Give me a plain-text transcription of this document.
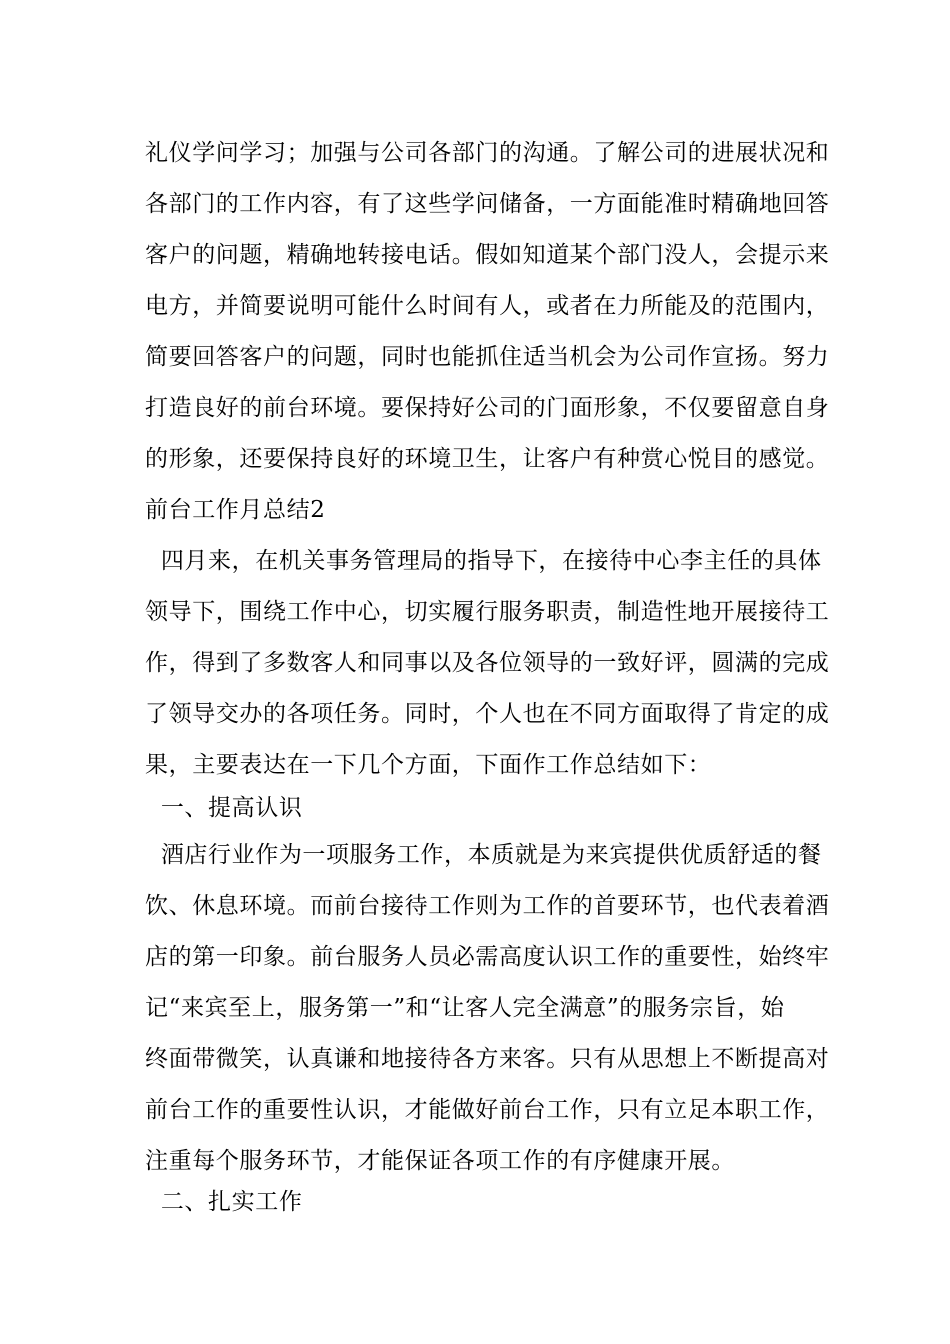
礼仪学问学习；加强与公司各部门的沟通。了解公司的进展状况和
各部门的工作内容，有了这些学问储备，一方面能准时精确地回答
客户的问题，精确地转接电话。假如知道某个部门没人，会提示来
电方，并简要说明可能什么时间有人，或者在力所能及的范围内，
简要回答客户的问题，同时也能抓住适当机会为公司作宣扬。努力
打造良好的前台环境。要保持好公司的门面形象，不仅要留意自身
的形象，还要保持良好的环境卫生，让客户有种赏心悦目的感觉。
前台工作月总结2
四月来，在机关事务管理局的指导下，在接待中心李主任的具体
领导下，围绕工作中心，切实履行服务职责，制造性地开展接待工
作，得到了多数客人和同事以及各位领导的一致好评，圆满的完成
了领导交办的各项任务。同时，个人也在不同方面取得了肯定的成
果，主要表达在一下几个方面，下面作工作总结如下：
一、提高认识
酒店行业作为一项服务工作，本质就是为来宾提供优质舒适的餐
饮、休息环境。而前台接待工作则为工作的首要环节，也代表着酒
店的第一印象。前台服务人员必需高度认识工作的重要性，始终牢
记“来宾至上，服务第一”和“让客人完全满意”的服务宗旨，始
终面带微笑，认真谦和地接待各方来客。只有从思想上不断提高对
前台工作的重要性认识，才能做好前台工作，只有立足本职工作，
注重每个服务环节，才能保证各项工作的有序健康开展。
二、扎实工作
